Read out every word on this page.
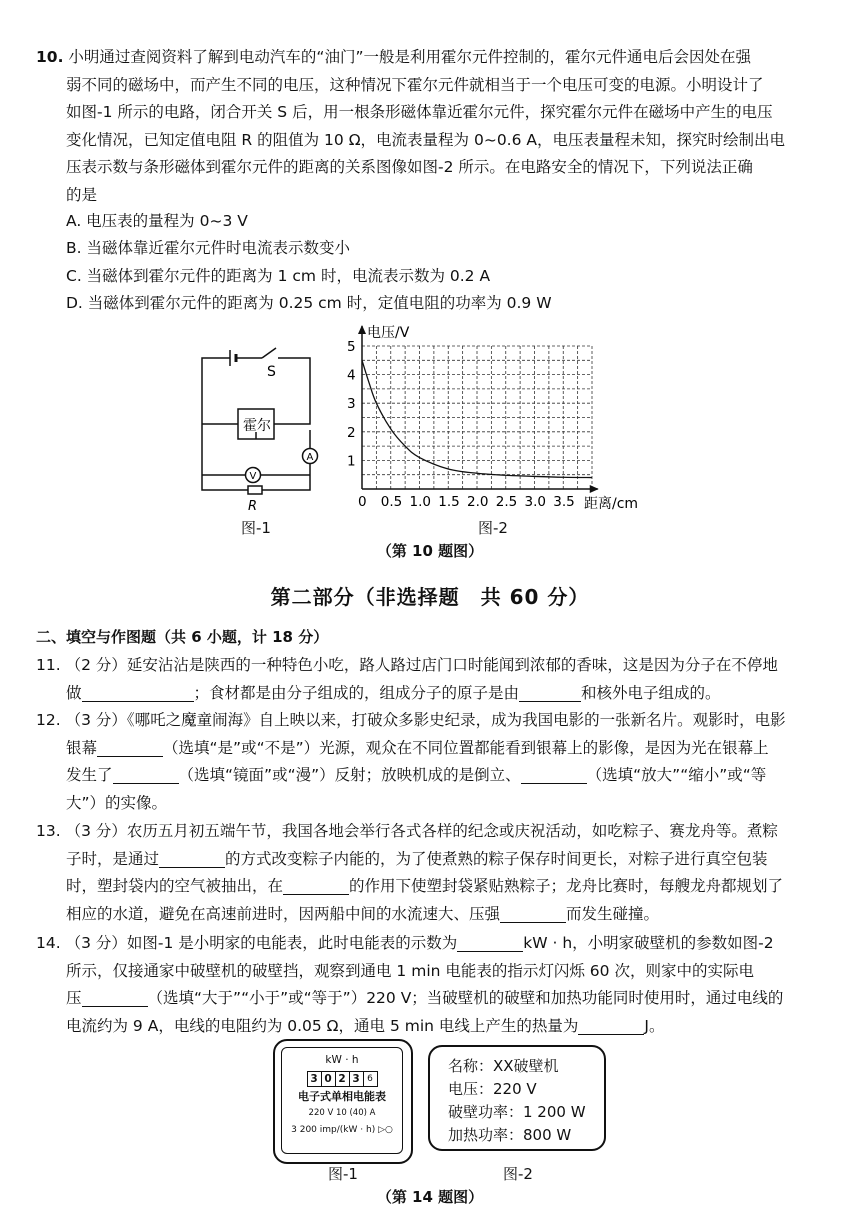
10. 小明通过查阅资料了解到电动汽车的“油门”一般是利用霍尔元件控制的，霍尔元件通电后会因处在强
弱不同的磁场中，而产生不同的电压，这种情况下霍尔元件就相当于一个电压可变的电源。小明设计了
如图-1 所示的电路，闭合开关 S 后，用一根条形磁体靠近霍尔元件，探究霍尔元件在磁场中产生的电压
变化情况，已知定值电阻 R 的阻值为 10 Ω，电流表量程为 0~0.6 A，电压表量程未知，探究时绘制出电
压表示数与条形磁体到霍尔元件的距离的关系图像如图-2 所示。在电路安全的情况下，下列说法正确
的是
A. 电压表的量程为 0~3 V
B. 当磁体靠近霍尔元件时电流表示数变小
C. 当磁体到霍尔元件的距离为 1 cm 时，电流表示数为 0.2 A
D. 当磁体到霍尔元件的距离为 0.25 cm 时，定值电阻的功率为 0.9 W
S
霍尔
V
A
R
图-1
0 0.5 1.0 1.5 2.0 2.5 3.0 3.5
1
2
3
4
5
电压/V
距离/cm
图-2
（第 10 题图）
第二部分（非选择题　共 60 分）
二、填空与作图题（共 6 小题，计 18 分）
11. （2 分）延安沾沾是陕西的一种特色小吃，路人路过店门口时能闻到浓郁的香味，这是因为分子在不停地
做	；食材都是由分子组成的，组成分子的原子是由	和核外电子组成的。
12. （3 分）《哪吒之魔童闹海》自上映以来，打破众多影史纪录，成为我国电影的一张新名片。观影时，电影
银幕	（选填“是”或“不是”）光源，观众在不同位置都能看到银幕上的影像，是因为光在银幕上
发生了	（选填“镜面”或“漫”）反射；放映机成的是倒立、	（选填“放大”“缩小”或“等
大”）的实像。
13. （3 分）农历五月初五端午节，我国各地会举行各式各样的纪念或庆祝活动，如吃粽子、赛龙舟等。煮粽
子时，是通过	的方式改变粽子内能的，为了使煮熟的粽子保存时间更长，对粽子进行真空包装
时，塑封袋内的空气被抽出，在	的作用下使塑封袋紧贴熟粽子；龙舟比赛时，每艘龙舟都规划了
相应的水道，避免在高速前进时，因两船中间的水流速大、压强	而发生碰撞。
14. （3 分）如图-1 是小明家的电能表，此时电能表的示数为	kW · h，小明家破壁机的参数如图-2
所示，仅接通家中破壁机的破壁挡，观察到通电 1 min 电能表的指示灯闪烁 60 次，则家中的实际电
压	（选填“大于”“小于”或“等于”）220 V；当破壁机的破壁和加热功能同时使用时，通过电线的
电流约为 9 A，电线的电阻约为 0.05 Ω，通电 5 min 电线上产生的热量为	J。
kW · h
3 0 2 3 6
电子式单相电能表
220 V 10 (40) A
3 200 imp/(kW · h) ▷○
图-1
名称：XX破壁机
电压：220 V
破壁功率：1 200 W
加热功率：800 W
图-2
（第 14 题图）
